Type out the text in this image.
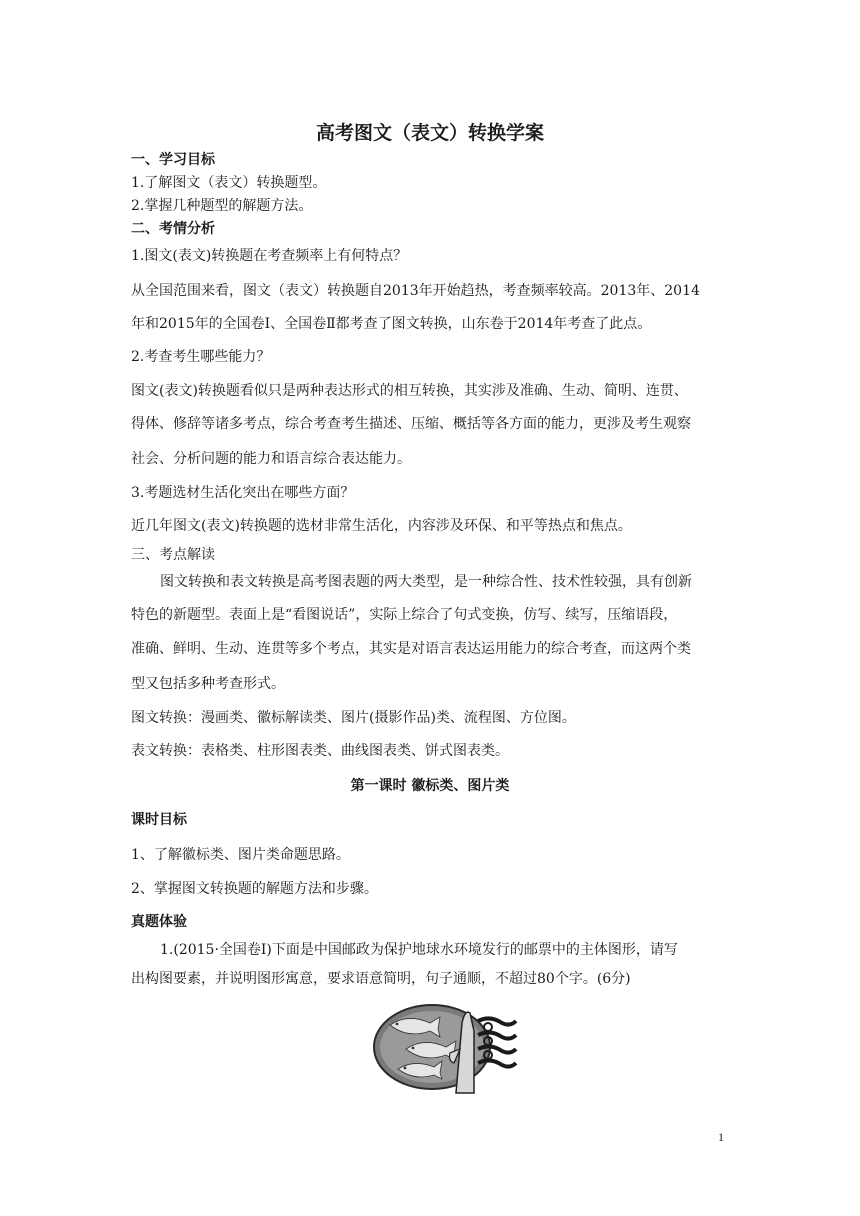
高考图文（表文）转换学案
一、学习目标
1.了解图文（表文）转换题型。
2.掌握几种题型的解题方法。
二、考情分析
1.图文(表文)转换题在考查频率上有何特点？
从全国范围来看，图文（表文）转换题自2013年开始趋热，考查频率较高。2013年、2014
年和2015年的全国卷Ⅰ、全国卷Ⅱ都考查了图文转换，山东卷于2014年考查了此点。
2.考查考生哪些能力？
图文(表文)转换题看似只是两种表达形式的相互转换，其实涉及准确、生动、简明、连贯、
得体、修辞等诸多考点，综合考查考生描述、压缩、概括等各方面的能力，更涉及考生观察
社会、分析问题的能力和语言综合表达能力。
3.考题选材生活化突出在哪些方面？
近几年图文(表文)转换题的选材非常生活化，内容涉及环保、和平等热点和焦点。
三、考点解读
图文转换和表文转换是高考图表题的两大类型，是一种综合性、技术性较强，具有创新
特色的新题型。表面上是“看图说话”，实际上综合了句式变换，仿写、续写，压缩语段，
准确、鲜明、生动、连贯等多个考点，其实是对语言表达运用能力的综合考查，而这两个类
型又包括多种考查形式。
图文转换：漫画类、徽标解读类、图片(摄影作品)类、流程图、方位图。
表文转换：表格类、柱形图表类、曲线图表类、饼式图表类。
第一课时 徽标类、图片类
课时目标
1、了解徽标类、图片类命题思路。
2、掌握图文转换题的解题方法和步骤。
真题体验
1.(2015·全国卷Ⅰ)下面是中国邮政为保护地球水环境发行的邮票中的主体图形，请写
出构图要素，并说明图形寓意，要求语意简明，句子通顺，不超过80个字。(6分)
1
